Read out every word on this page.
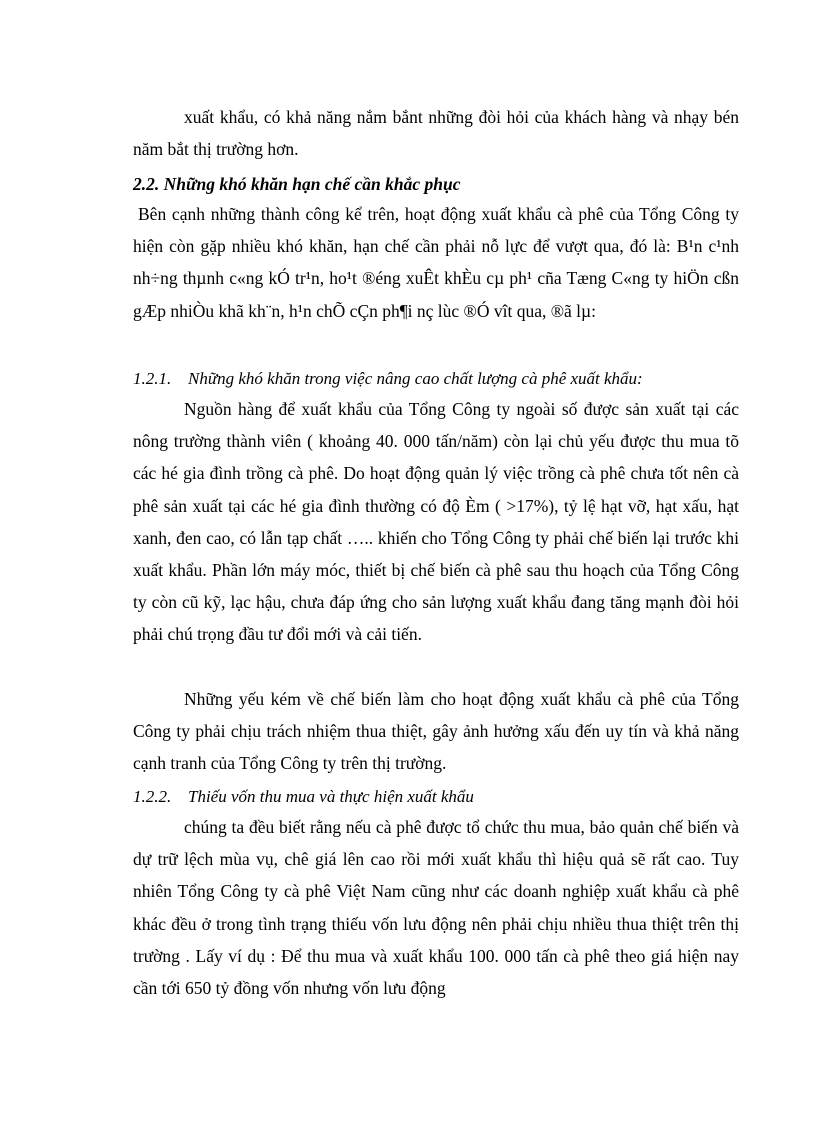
xuất khẩu, có khả năng nắm bắnt những đòi hỏi của khách hàng và nhạy bén năm bắt thị trường hơn.

2.2. Những khó khăn hạn chế cần khắc phục

Bên cạnh những thành công kể trên, hoạt động xuất khẩu cà phê của Tổng Công ty hiện còn gặp nhiều khó khăn, hạn chế cần phải nỗ lực để vượt qua, đó là: B¹n c¹nh nh÷ng thµnh c«ng kÓ tr¹n, ho¹t ®éng xuÊt khÈu cµ ph¹ cña Tæng C«ng ty hiÖn cßn gÆp nhiÒu khã kh¨n, h¹n chÕ cÇn ph¶i nç lùc ®Ó vît qua, ®ã lµ:

1.2.1. Những khó khăn trong việc nâng cao chất lượng cà phê xuất khẩu:

Nguồn hàng để xuất khẩu của Tổng Công ty ngoài số được sản xuất tại các nông trường thành viên ( khoảng 40. 000 tấn/năm) còn lại chủ yếu được thu mua tõ các hé gia đình trồng cà phê. Do hoạt động quản lý việc trồng cà phê chưa tốt nên cà phê sản xuất tại các hé gia đình thường có độ Èm ( >17%), tỷ lệ hạt vỡ, hạt xấu, hạt xanh, đen cao, có lẫn tạp chất ….. khiến cho Tổng Công ty phải chế biến lại trước khi xuất khẩu. Phần lớn máy móc, thiết bị chế biến cà phê sau thu hoạch của Tổng Công ty còn cũ kỹ, lạc hậu, chưa đáp ứng cho sản lượng xuất khẩu đang tăng mạnh đòi hỏi phải chú trọng đầu tư đổi mới và cải tiến.

Những yếu kém về chế biến làm cho hoạt động xuất khẩu cà phê của Tổng Công ty phải chịu trách nhiệm thua thiệt, gây ảnh hưởng xấu đến uy tín và khả năng cạnh tranh của Tổng Công ty trên thị trường.

1.2.2. Thiếu vốn thu mua và thực hiện xuất khẩu

chúng ta đều biết rằng nếu cà phê được tổ chức thu mua, bảo quản chế biến và dự trữ lệch mùa vụ, chê giá lên cao rồi mới xuất khẩu thì hiệu quả sẽ rất cao. Tuy nhiên Tổng Công ty cà phê Việt Nam cũng như các doanh nghiệp xuất khẩu cà phê khác đều ở trong tình trạng thiếu vốn lưu động nên phải chịu nhiều thua thiệt trên thị trường . Lấy ví dụ : Để thu mua và xuất khẩu 100. 000 tấn cà phê theo giá hiện nay cần tới 650 tỷ đồng vốn nhưng vốn lưu động
